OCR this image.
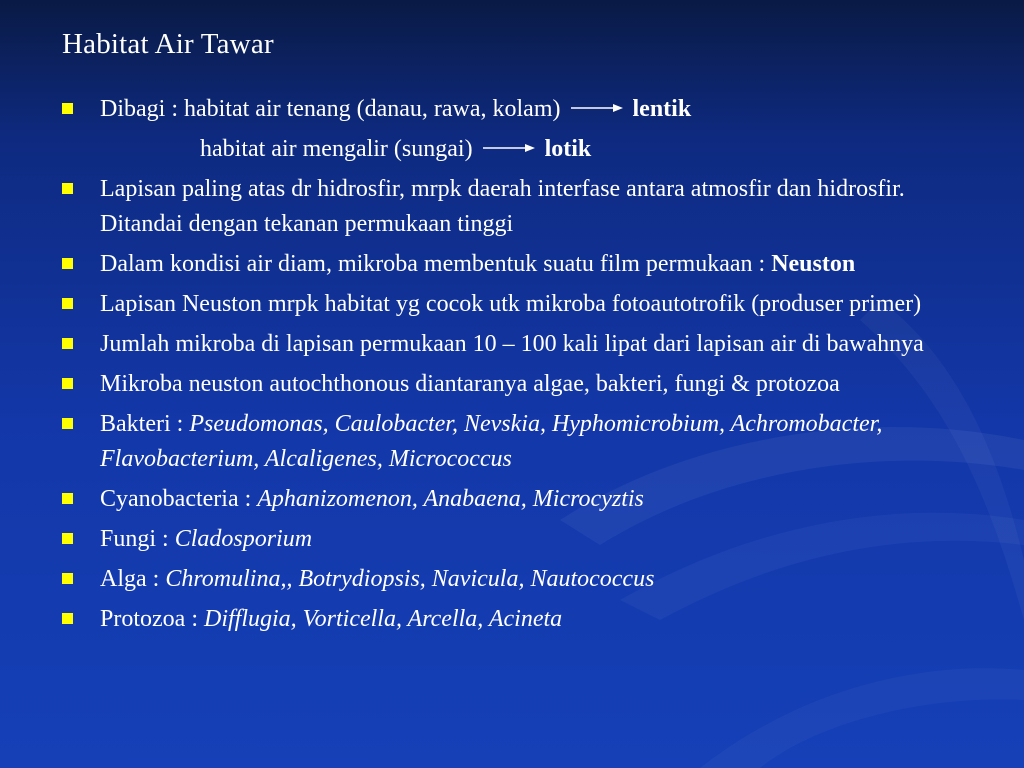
Habitat Air Tawar
Dibagi : habitat air tenang (danau, rawa, kolam)	lentik
habitat air mengalir (sungai)	lotik
Lapisan paling atas dr hidrosfir, mrpk daerah interfase antara atmosfir dan hidrosfir. Ditandai dengan tekanan permukaan tinggi
Dalam kondisi air diam, mikroba membentuk suatu film permukaan : Neuston
Lapisan Neuston mrpk habitat yg cocok utk mikroba fotoautotrofik (produser primer)
Jumlah mikroba di lapisan permukaan 10 – 100 kali lipat dari lapisan air di bawahnya
Mikroba neuston autochthonous diantaranya algae, bakteri, fungi & protozoa
Bakteri : Pseudomonas, Caulobacter, Nevskia, Hyphomicrobium, Achromobacter, Flavobacterium, Alcaligenes, Micrococcus
Cyanobacteria : Aphanizomenon, Anabaena, Microcyztis
Fungi : Cladosporium
Alga : Chromulina,, Botrydiopsis, Navicula, Nautococcus
Protozoa : Difflugia, Vorticella, Arcella, Acineta
